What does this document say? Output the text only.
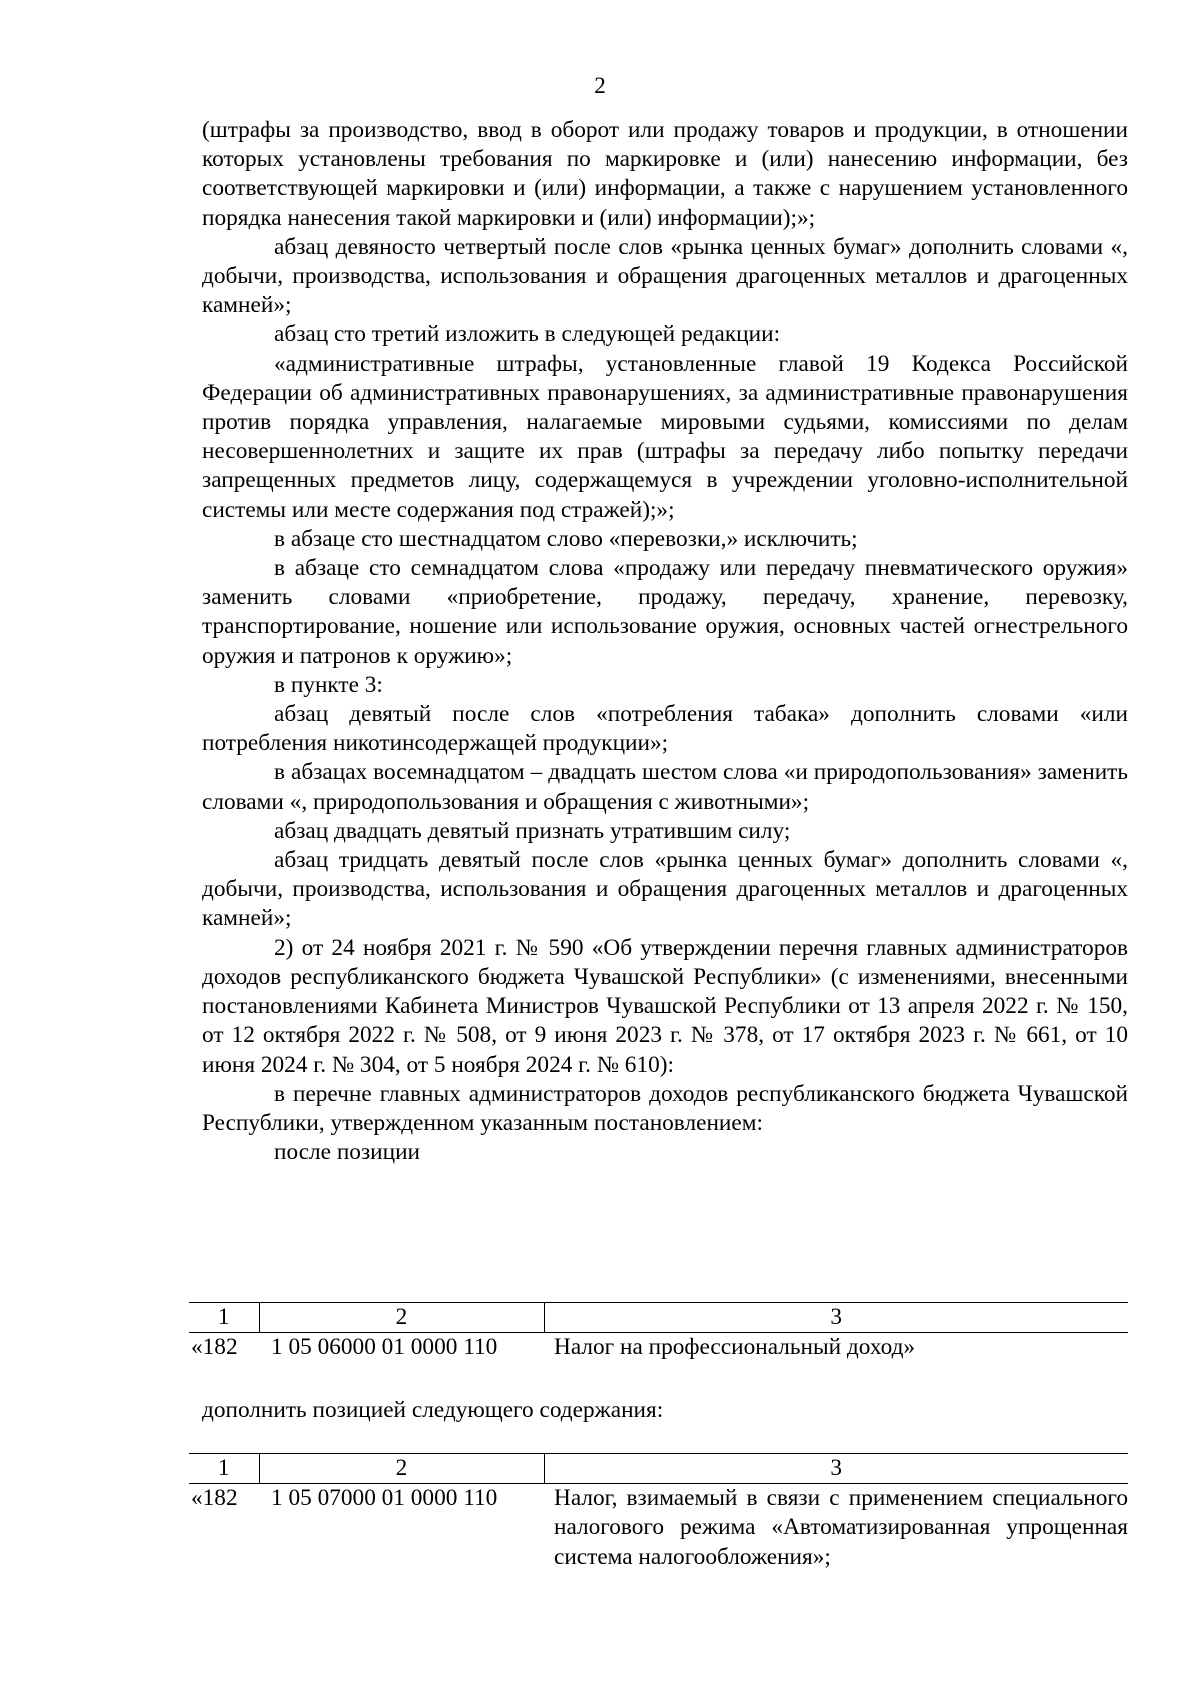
2

(штрафы за производство, ввод в оборот или продажу товаров и продукции, в отношении которых установлены требования по маркировке и (или) нанесению информации, без соответствующей маркировки и (или) информации, а также с нарушением установленного порядка нанесения такой маркировки и (или) информации);»;

абзац девяносто четвертый после слов «рынка ценных бумаг» дополнить словами «, добычи, производства, использования и обращения драгоценных металлов и драгоценных камней»;

абзац сто третий изложить в следующей редакции:

«административные штрафы, установленные главой 19 Кодекса Российской Федерации об административных правонарушениях, за административные правонарушения против порядка управления, налагаемые мировыми судьями, комиссиями по делам несовершеннолетних и защите их прав (штрафы за передачу либо попытку передачи запрещенных предметов лицу, содержащемуся в учреждении уголовно-исполнительной системы или месте содержания под стражей);»;

в абзаце сто шестнадцатом слово «перевозки,» исключить;

в абзаце сто семнадцатом слова «продажу или передачу пневматического оружия» заменить словами «приобретение, продажу, передачу, хранение, перевозку, транспортирование, ношение или использование оружия, основных частей огнестрельного оружия и патронов к оружию»;

в пункте 3:

абзац девятый после слов «потребления табака» дополнить словами «или потребления никотинсодержащей продукции»;

в абзацах восемнадцатом – двадцать шестом слова «и природопользования» заменить словами «, природопользования и обращения с животными»;

абзац двадцать девятый признать утратившим силу;

абзац тридцать девятый после слов «рынка ценных бумаг» дополнить словами «, добычи, производства, использования и обращения драгоценных металлов и драгоценных камней»;

2) от 24 ноября 2021 г. № 590 «Об утверждении перечня главных администраторов доходов республиканского бюджета Чувашской Республики» (с изменениями, внесенными постановлениями Кабинета Министров Чувашской Республики от 13 апреля 2022 г. № 150, от 12 октября 2022 г. № 508, от 9 июня 2023 г. № 378, от 17 октября 2023 г. № 661, от 10 июня 2024 г. № 304, от 5 ноября 2024 г. № 610):

в перечне главных администраторов доходов республиканского бюджета Чувашской Республики, утвержденном указанным постановлением:

после позиции

1	2	3
«182	1 05 06000 01 0000 110	Налог на профессиональный доход»
дополнить позицией следующего содержания:
1	2	3
«182	1 05 07000 01 0000 110	Налог, взимаемый в связи с применением специального налогового режима «Автоматизированная упрощенная система налогообложения»;
